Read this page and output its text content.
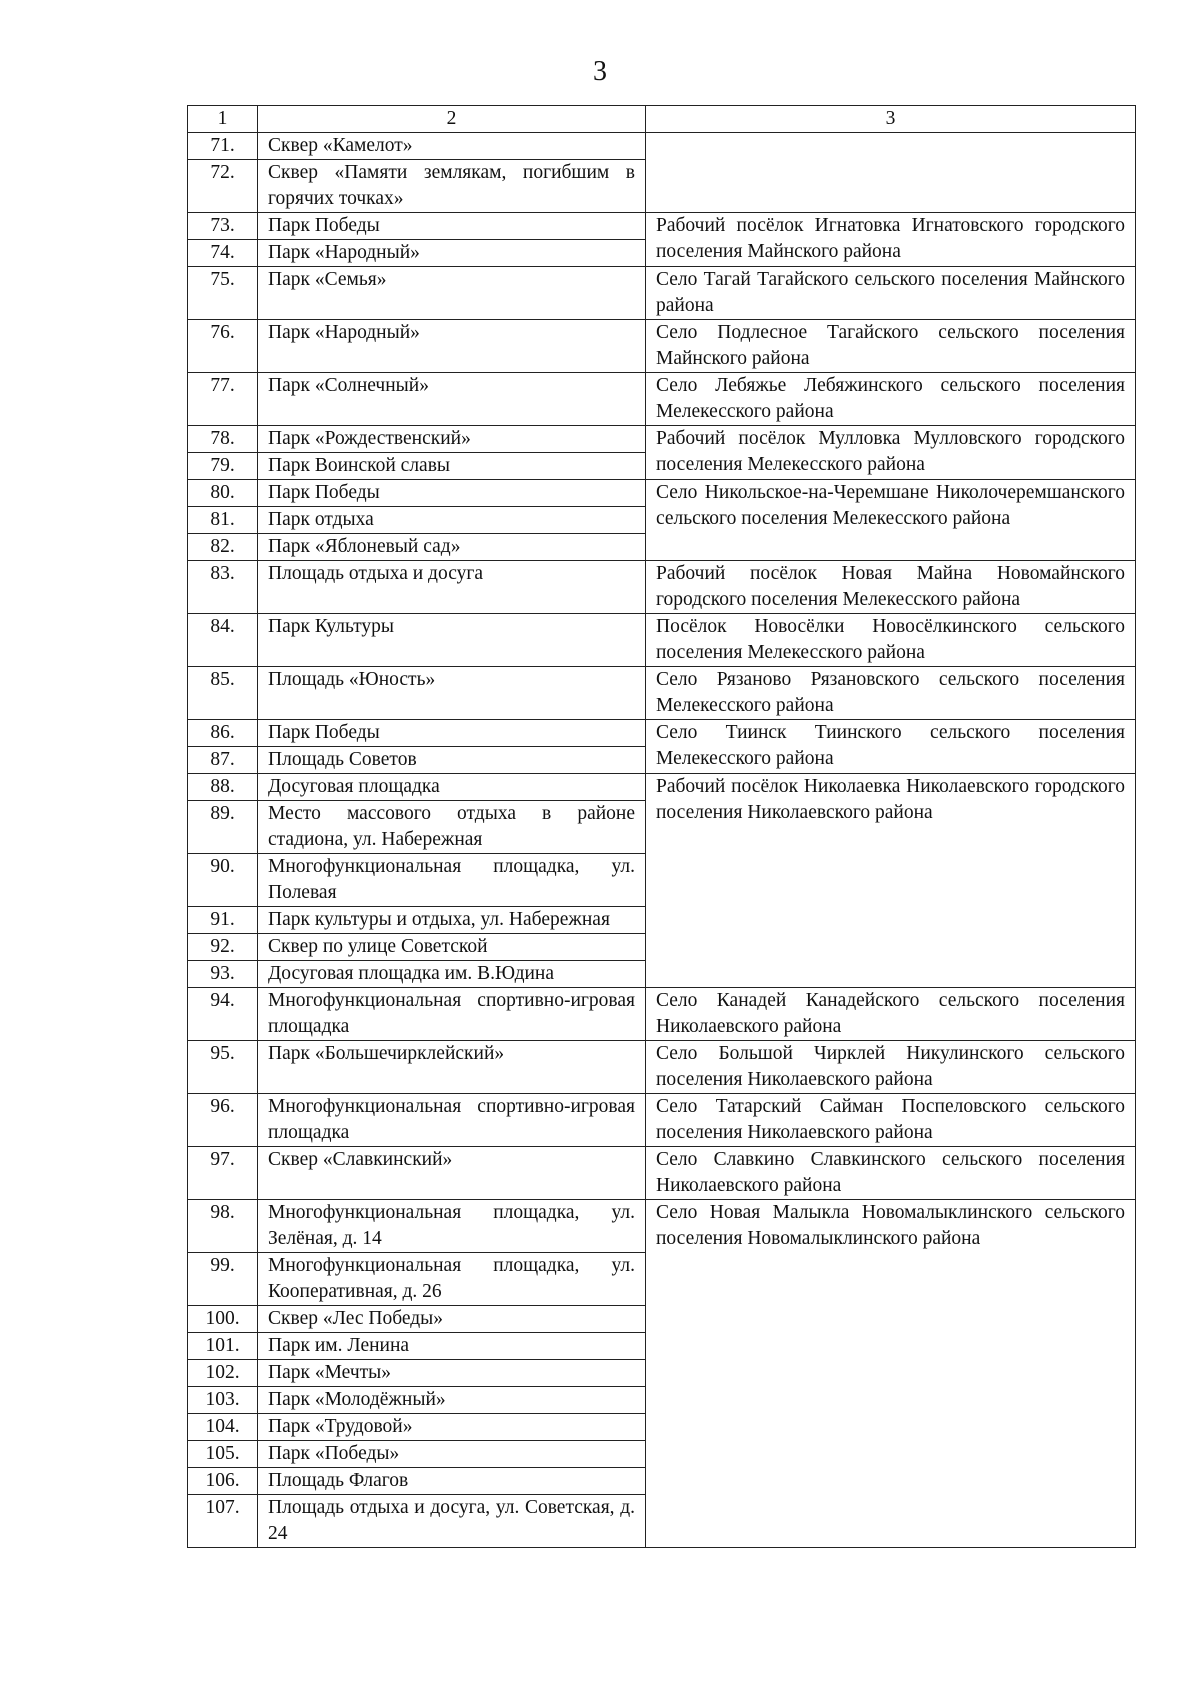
3
1	2	3
71.	Сквер «Камелот»	
72.	Сквер «Памяти землякам, погибшим в горячих точках»	
73.	Парк Победы	Рабочий посёлок Игнатовка Игнатовского городского поселения Майнского района
74.	Парк «Народный»	
75.	Парк «Семья»	Село Тагай Тагайского сельского поселения Майнского района
76.	Парк «Народный»	Село Подлесное Тагайского сельского поселения Майнского района
77.	Парк «Солнечный»	Село Лебяжье Лебяжинского сельского поселения Мелекесского района
78.	Парк «Рождественский»	Рабочий посёлок Мулловка Мулловского городского поселения Мелекесского района
79.	Парк Воинской славы	
80.	Парк Победы	Село Никольское-на-Черемшане Николочеремшанского сельского поселения Мелекесского района
81.	Парк отдыха	
82.	Парк «Яблоневый сад»	
83.	Площадь отдыха и досуга	Рабочий посёлок Новая Майна Новомайнского городского поселения Мелекесского района
84.	Парк Культуры	Посёлок Новосёлки Новосёлкинского сельского поселения Мелекесского района
85.	Площадь «Юность»	Село Рязаново Рязановского сельского поселения Мелекесского района
86.	Парк Победы	Село Тиинск Тиинского сельского поселения Мелекесского района
87.	Площадь Советов	
88.	Досуговая площадка	Рабочий посёлок Николаевка Николаевского городского поселения Николаевского района
89.	Место массового отдыха в районе стадиона, ул. Набережная	
90.	Многофункциональная площадка, ул. Полевая	
91.	Парк культуры и отдыха, ул. Набережная	
92.	Сквер по улице Советской	
93.	Досуговая площадка им. В.Юдина	
94.	Многофункциональная спортивно-игровая площадка	Село Канадей Канадейского сельского поселения Николаевского района
95.	Парк «Большечирклейский»	Село Большой Чирклей Никулинского сельского поселения Николаевского района
96.	Многофункциональная спортивно-игровая площадка	Село Татарский Сайман Поспеловского сельского поселения Николаевского района
97.	Сквер «Славкинский»	Село Славкино Славкинского сельского поселения Николаевского района
98.	Многофункциональная площадка, ул. Зелёная, д. 14	Село Новая Малыкла Новомалыклинского сельского поселения Новомалыклинского района
99.	Многофункциональная площадка, ул. Кооперативная, д. 26	
100.	Сквер «Лес Победы»	
101.	Парк им. Ленина	
102.	Парк «Мечты»	
103.	Парк «Молодёжный»	
104.	Парк «Трудовой»	
105.	Парк «Победы»	
106.	Площадь Флагов	
107.	Площадь отдыха и досуга, ул. Советская, д. 24	
